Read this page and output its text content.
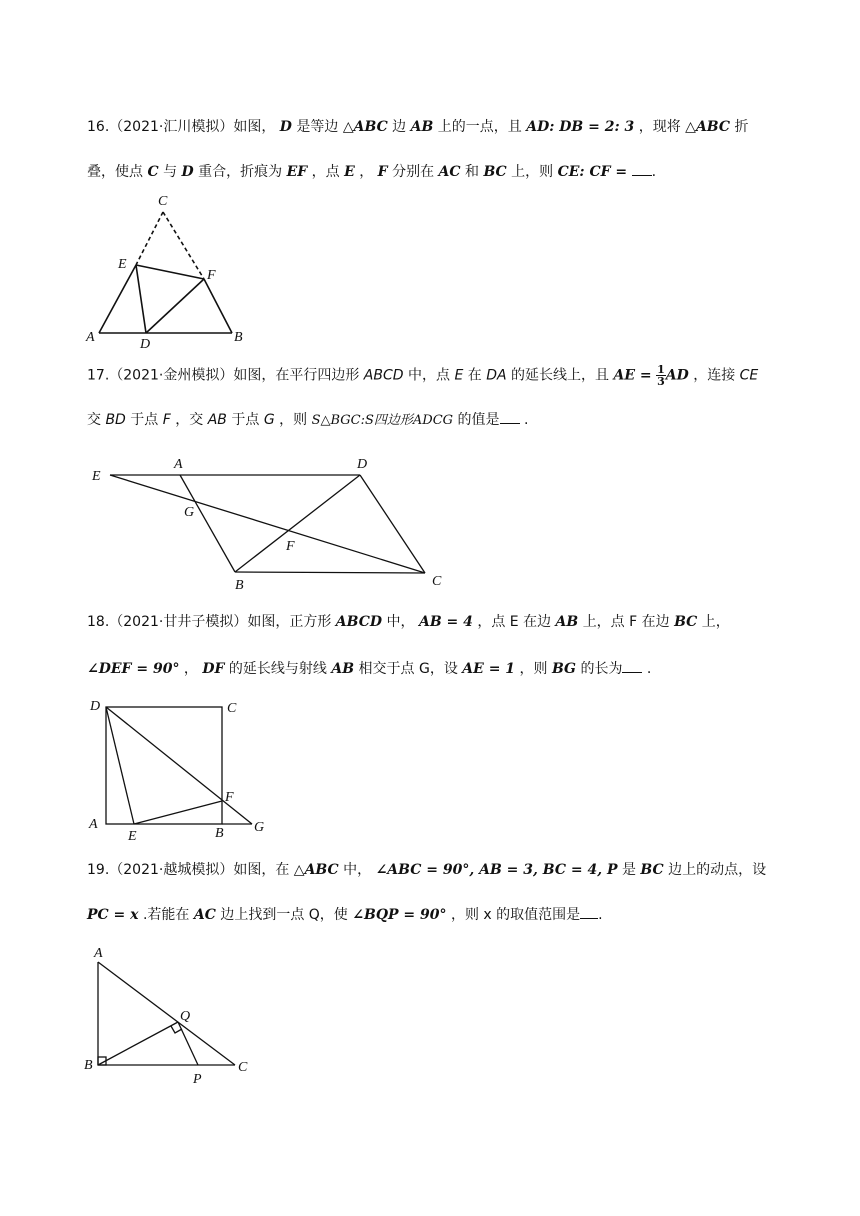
16.（2021·汇川模拟）如图， D 是等边 △ABC 边 AB 上的一点，且 AD: DB = 2: 3 ，现将 △ABC 折
叠，使点 C 与 D 重合，折痕为 EF ，点 E ， F 分别在 AC 和 BC 上，则 CE: CF = .
17.（2021·金州模拟）如图，在平行四边形 ABCD 中，点 E 在 DA 的延长线上，且 AE = $\frac{1}{3}$ AD ，连接 CE
交 BD 于点 F ，交 AB 于点 G ，则 S△BGC:S四边形ADCG 的值是 .
18.（2021·甘井子模拟）如图，正方形 ABCD 中， AB = 4 ，点 E 在边 AB 上，点 F 在边 BC 上，
∠DEF = 90° ， DF 的延长线与射线 AB 相交于点 G，设 AE = 1 ，则 BG 的长为 .
19.（2021·越城模拟）如图，在 △ABC 中， ∠ABC = 90°, AB = 3, BC = 4, P 是 BC 边上的动点，设
PC = x .若能在 AC 边上找到一点 Q，使 ∠BQP = 90° ，则 x 的取值范围是 .
C
E
F
A	D	B
E
A	D
G
F
B	C
D	C
F
A
E	B G
A
Q
B
P
C
